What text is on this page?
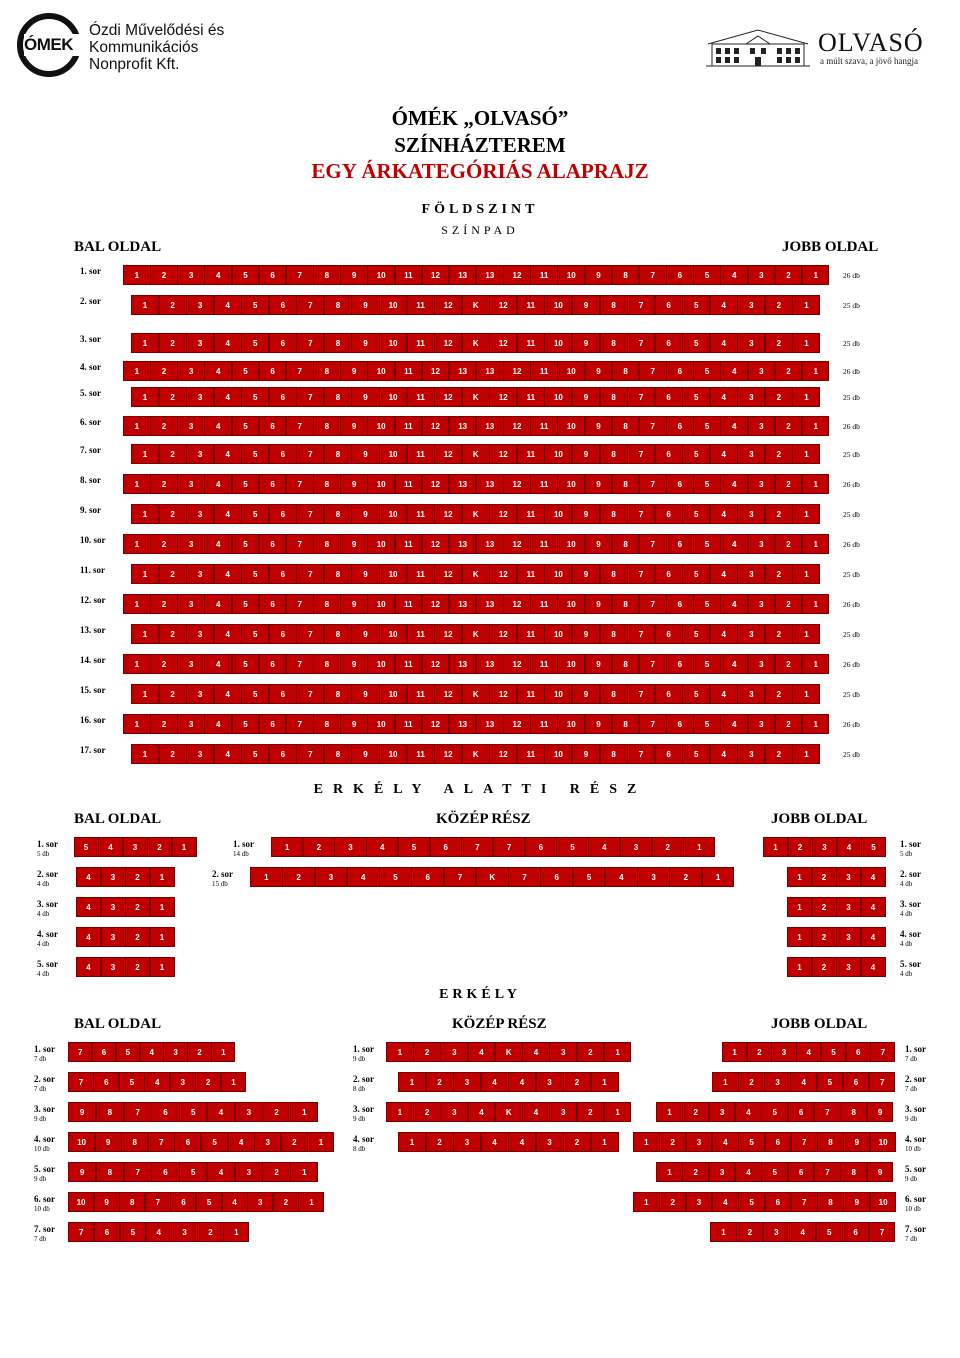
ÓMEK
Ózdi Művelődési és
Kommunikációs
Nonprofit Kft.
OLVASÓ
a múlt szava, a jövő hangja
ÓMÉK „OLVASÓ”
SZÍNHÁZTEREM
EGY ÁRKATEGÓRIÁS ALAPRAJZ
FÖLDSZINT
SZÍNPAD
BAL OLDAL	JOBB OLDAL
1. sor	1	2	3	4	5	6	7	8	9	10	11	12	13	13	12	11	10	9	8	7	6	5	4	3	2	1	26 db
2. sor	1	2	3	4	5	6	7	8	9	10	11	12	K	12	11	10	9	8	7	6	5	4	3	2	1	25 db
3. sor	1	2	3	4	5	6	7	8	9	10	11	12	K	12	11	10	9	8	7	6	5	4	3	2	1	25 db
4. sor	1	2	3	4	5	6	7	8	9	10	11	12	13	13	12	11	10	9	8	7	6	5	4	3	2	1	26 db
5. sor	1	2	3	4	5	6	7	8	9	10	11	12	K	12	11	10	9	8	7	6	5	4	3	2	1	25 db
6. sor	1	2	3	4	5	6	7	8	9	10	11	12	13	13	12	11	10	9	8	7	6	5	4	3	2	1	26 db
7. sor	1	2	3	4	5	6	7	8	9	10	11	12	K	12	11	10	9	8	7	6	5	4	3	2	1	25 db
8. sor	1	2	3	4	5	6	7	8	9	10	11	12	13	13	12	11	10	9	8	7	6	5	4	3	2	1	26 db
9. sor	1	2	3	4	5	6	7	8	9	10	11	12	K	12	11	10	9	8	7	6	5	4	3	2	1	25 db
10. sor	1	2	3	4	5	6	7	8	9	10	11	12	13	13	12	11	10	9	8	7	6	5	4	3	2	1	26 db
11. sor	1	2	3	4	5	6	7	8	9	10	11	12	K	12	11	10	9	8	7	6	5	4	3	2	1	25 db
12. sor	1	2	3	4	5	6	7	8	9	10	11	12	13	13	12	11	10	9	8	7	6	5	4	3	2	1	26 db
13. sor	1	2	3	4	5	6	7	8	9	10	11	12	K	12	11	10	9	8	7	6	5	4	3	2	1	25 db
14. sor	1	2	3	4	5	6	7	8	9	10	11	12	13	13	12	11	10	9	8	7	6	5	4	3	2	1	26 db
15. sor	1	2	3	4	5	6	7	8	9	10	11	12	K	12	11	10	9	8	7	6	5	4	3	2	1	25 db
16. sor	1	2	3	4	5	6	7	8	9	10	11	12	13	13	12	11	10	9	8	7	6	5	4	3	2	1	26 db
17. sor	1	2	3	4	5	6	7	8	9	10	11	12	K	12	11	10	9	8	7	6	5	4	3	2	1	25 db
ERKÉLY ALATTI RÉSZ
BAL OLDAL	KÖZÉP RÉSZ	JOBB OLDAL
1. sor
5 db
5	4	3	2	1
2. sor
4 db
4	3	2	1
3. sor
4 db
4	3	2	1
4. sor
4 db
4	3	2	1
5. sor
4 db
4	3	2	1
1. sor
5 db
1	2	3	4	5
2. sor
4 db
1	2	3	4
3. sor
4 db
1	2	3	4
4. sor
4 db
1	2	3	4
5. sor
4 db
1	2	3	4
1. sor
14 db
1	2	3	4	5	6	7	7	6	5	4	3	2	1
2. sor
15 db
1	2	3	4	5	6	7	K	7	6	5	4	3	2	1
ERKÉLY
BAL OLDAL	KÖZÉP RÉSZ	JOBB OLDAL
1. sor
7 db
7	6	5	4	3	2	1
2. sor
7 db
7	6	5	4	3	2	1
3. sor
9 db
9	8	7	6	5	4	3	2	1
4. sor
10 db
10	9	8	7	6	5	4	3	2	1
5. sor
9 db
9	8	7	6	5	4	3	2	1
6. sor
10 db
10	9	8	7	6	5	4	3	2	1
7. sor
7 db
7	6	5	4	3	2	1
1. sor
7 db
1	2	3	4	5	6	7
2. sor
7 db
1	2	3	4	5	6	7
3. sor
9 db
1	2	3	4	5	6	7	8	9
4. sor
10 db
1	2	3	4	5	6	7	8	9	10
5. sor
9 db
1	2	3	4	5	6	7	8	9
6. sor
10 db
1	2	3	4	5	6	7	8	9	10
7. sor
7 db
1	2	3	4	5	6	7
1. sor
9 db
1	2	3	4	K	4	3	2	1
2. sor
8 db
1	2	3	4	4	3	2	1
3. sor
9 db
1	2	3	4	K	4	3	2	1
4. sor
8 db
1	2	3	4	4	3	2	1
